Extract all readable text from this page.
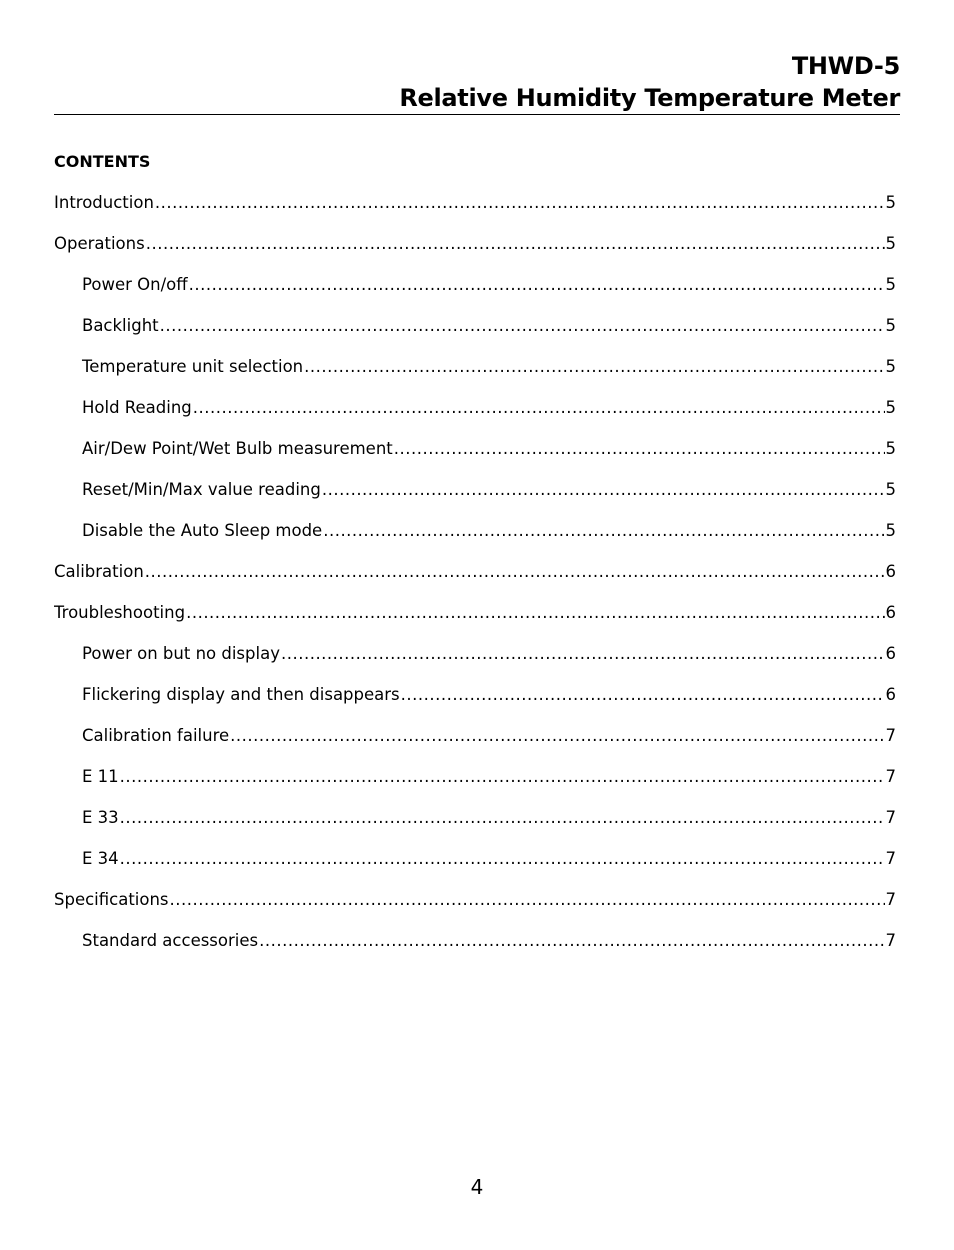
THWD-5
Relative Humidity Temperature Meter
CONTENTS
Introduction .....	5
Operations .....	5
Power On/off .....	5
Backlight .....	5
Temperature unit selection .....	5
Hold Reading .....	5
Air/Dew Point/Wet Bulb measurement .....	5
Reset/Min/Max value reading .....	5
Disable the Auto Sleep mode .....	5
Calibration .....	6
Troubleshooting .....	6
Power on but no display .....	6
Flickering display and then disappears .....	6
Calibration failure .....	7
E 11 .....	7
E 33 .....	7
E 34 .....	7
Specifications .....	7
Standard accessories .....	7
4
